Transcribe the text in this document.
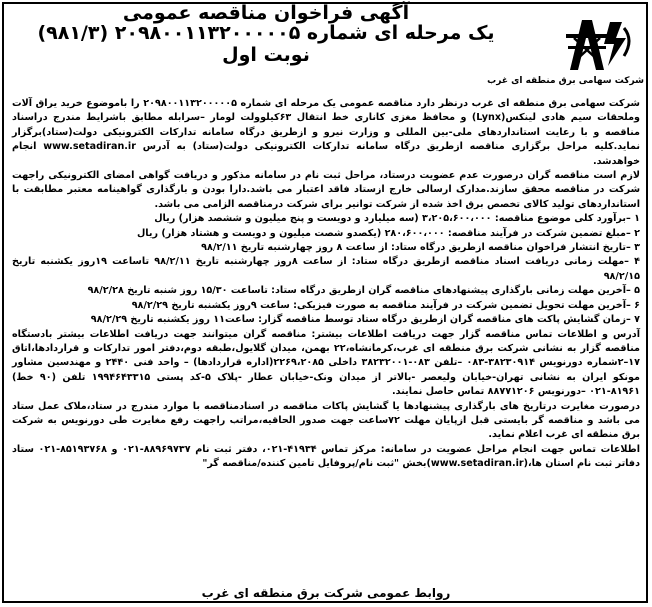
آگهی فراخوان مناقصه عمومی
یک مرحله ای شماره ۲۰۹۸۰۰۱۱۳۲۰۰۰۰۰۵ (۹۸۱/۳)
نوبت اول
شرکت سهامی برق منطقه ای غرب

شرکت سهامی برق منطقه ای غرب درنظر دارد مناقصه عمومی یک مرحله ای شماره ۲۰۹۸۰۰۱۱۳۲۰۰۰۰۰۵ را باموضوع خرید یراق آلات وملحقات سیم هادی لینکس(Lynx) و محافظ مغزی کاناری خط انتقال ۶۳کیلوولت لومار –سرابله مطابق باشرایط مندرج دراسناد مناقصه و با رعایت استانداردهای ملی-بین المللی و وزارت نیرو و ازطریق درگاه سامانه تدارکات الکترونیکی دولت(ستاد)برگزار نماید.کلیه مراحل برگزاری مناقصه ازطریق درگاه سامانه تدارکات الکترونیکی دولت(ستاد) به آدرس www.setadiran.ir انجام خواهدشد.

لازم است مناقصه گران درصورت عدم عضویت درستاد، مراحل ثبت نام در سامانه مذکور و دریافت گواهی امضای الکترونیکی راجهت شرکت در مناقصه محقق سازند.مدارک ارسالی خارج ازستاد فاقد اعتبار می باشد.دارا بودن و بارگذاری گواهینامه معتبر مطابقت با استانداردهای تولید کالای تخصص برق اخذ شده از شرکت توانیر برای شرکت درمناقصه الزامی می باشد.

۱ –برآورد کلی موضوع مناقصه: ۳،۲۰۵،۶۰۰،۰۰۰ (سه میلیارد و دویست و پنج میلیون و ششصد هزار) ریال

۲ –مبلغ تضمین شرکت در فرآیند مناقصه: ۲۸۰،۶۰۰،۰۰۰ (یکصدو شصت میلیون و دویست و هشتاد هزار) ریال

۳ –تاریخ انتشار فراخوان مناقصه ازطریق درگاه ستاد: از ساعت ۸ روز چهارشنبه تاریخ ۹۸/۲/۱۱

۴ –مهلت زمانی دریافت اسناد مناقصه ازطریق درگاه ستاد: از ساعت ۸روز چهارشنبه تاریخ ۹۸/۲/۱۱ تاساعت ۱۹روز یکشنبه تاریخ ۹۸/۲/۱۵

۵ –آخرین مهلت زمانی بارگذاری پیشنهادهای مناقصه گران ازطریق درگاه ستاد: تاساعت ۱۵/۳۰ روز شنبه تاریخ ۹۸/۲/۲۸

۶ –آخرین مهلت تحویل تضمین شرکت در فرآیند مناقصه به صورت فیزیکی: ساعت ۹روز یکشنبه تاریخ ۹۸/۲/۲۹

۷ –زمان گشایش پاکت های مناقصه گران ازطریق درگاه ستاد توسط مناقصه گزار: ساعت۱۱ روز یکشنبه تاریخ ۹۸/۲/۲۹

آدرس و اطلاعات تماس مناقصه گزار جهت دریافت اطلاعات بیشتر: مناقصه گران میتوانند جهت دریافت اطلاعات بیشتر بادستگاه مناقصه گزار به نشانی شرکت برق منطقه ای غرب،کرمانشاه،۲۲ بهمن، میدان گلایول،طبقه دوم،دفتر امور تدارکات و قراردادها،اتاق ۱۷–۲شماره دورنویس ۳۸۲۳۰۹۱۴-۰۸۳ –تلفن ۰۸۳-۳۸۲۳۲۰۰۱ داخلی ۲۲۶۹،۲۰۸۵(اداره قراردادها) – واحد فنی ۲۴۴۰ و مهندسین مشاور مونکو ایران به نشانی تهران-خیابان ولیعصر -بالاتر از میدان ونک-خیابان عطار -پلاک ۵-کد پستی ۱۹۹۴۶۴۳۳۱۵ تلفن (۹۰ خط) ۸۱۹۶۱-۰۲۱ –دورنویس ۸۸۷۷۱۲۰۶ تماس حاصل نمایند.

درصورت مغایرت درتاریخ های بارگذاری پیشنهادها یا گشایش پاکات مناقصه در اسنادمناقصه با موارد مندرج در ستاد،ملاک عمل ستاد می باشد و مناقصه گر بایستی قبل ازپایان مهلت ۷۲ساعت جهت صدور الحاقیه،مراتب راجهت رفع مغایرت طی دورنویس به شرکت برق منطقه ای غرب اعلام نماید.

اطلاعات تماس جهت انجام مراحل عضویت در سامانه: مرکز تماس ۴۱۹۳۴-۰۲۱، دفتر ثبت نام ۸۸۹۶۹۷۳۷-۰۲۱ و ۸۵۱۹۳۷۶۸-۰۲۱ ستاد دفاتر ثبت نام استان ها،(www.setadiran.ir)بخش "ثبت نام/پروفایل تامین کننده/مناقصه گر"

روابط عمومی شرکت برق منطقه ای غرب
